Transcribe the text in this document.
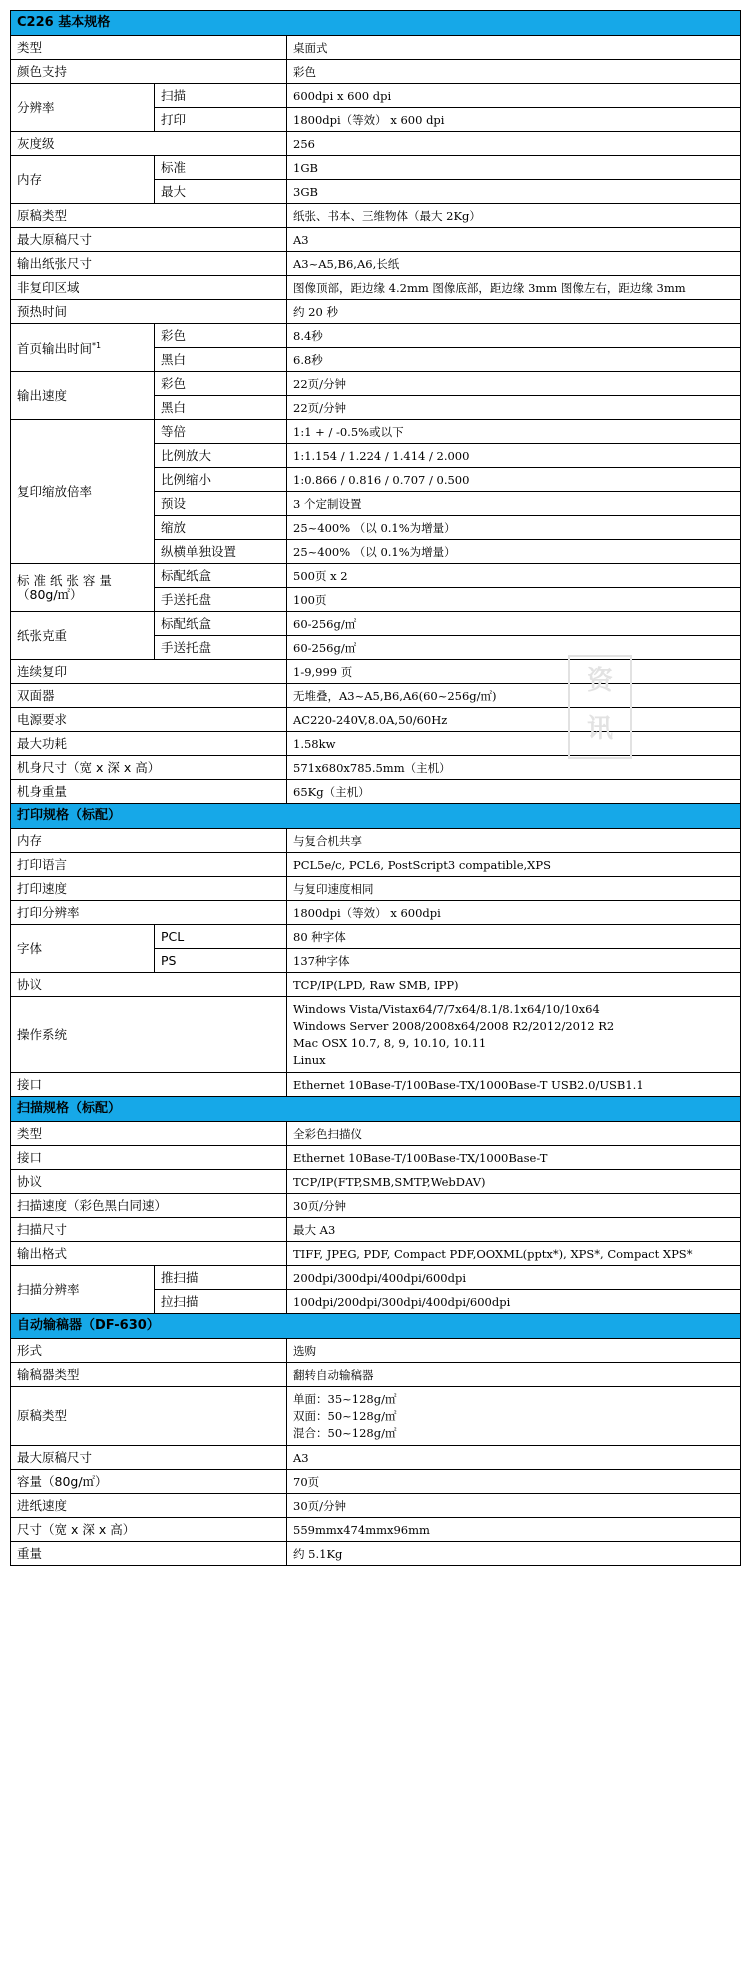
C226 基本规格		
类型		桌面式
颜色支持		彩色
分辨率	扫描	600dpi x 600 dpi
	打印	1800dpi（等效） x 600 dpi
灰度级		256
内存	标准	1GB
	最大	3GB
原稿类型		纸张、书本、三维物体（最大 2Kg）
最大原稿尺寸		A3
输出纸张尺寸		A3~A5,B6,A6,长纸
非复印区域		图像顶部，距边缘 4.2mm 图像底部，距边缘 3mm 图像左右，距边缘 3mm
预热时间		约 20 秒
首页输出时间$^{*1}$	彩色	8.4秒
	黑白	6.8秒
输出速度	彩色	22页/分钟
	黑白	22页/分钟
复印缩放倍率	等倍	1:1 + / -0.5%或以下
	比例放大	1:1.154 / 1.224 / 1.414 / 2.000
	比例缩小	1:0.866 / 0.816 / 0.707 / 0.500
	预设	3 个定制设置
	缩放	25~400% （以 0.1%为增量）
	纵横单独设置	25~400% （以 0.1%为增量）
标 准 纸 张 容 量（80g/㎡）	标配纸盒	500页 x 2
	手送托盘	100页
纸张克重	标配纸盒	60-256g/㎡
	手送托盘	60-256g/㎡
连续复印		1-9,999 页
双面器		无堆叠，A3~A5,B6,A6(60~256g/㎡)
电源要求		AC220-240V,8.0A,50/60Hz
最大功耗		1.58kw
机身尺寸（宽 x 深 x 高）		571x680x785.5mm（主机）
机身重量		65Kg（主机）
打印规格（标配）		
内存		与复合机共享
打印语言		PCL5e/c, PCL6, PostScript3 compatible,XPS
打印速度		与复印速度相同
打印分辨率		1800dpi（等效） x 600dpi
字体	PCL	80 种字体
	PS	137种字体
协议		TCP/IP(LPD, Raw SMB, IPP)
操作系统		Windows Vista/Vistax64/7/7x64/8.1/8.1x64/10/10x64
Windows Server 2008/2008x64/2008 R2/2012/2012 R2
Mac OSX 10.7, 8, 9, 10.10, 10.11
Linux

接口		Ethernet 10Base-T/100Base-TX/1000Base-T USB2.0/USB1.1
扫描规格（标配）		
类型		全彩色扫描仪
接口		Ethernet 10Base-T/100Base-TX/1000Base-T
协议		TCP/IP(FTP,SMB,SMTP,WebDAV)
扫描速度（彩色黑白同速）		30页/分钟
扫描尺寸		最大 A3
输出格式		TIFF, JPEG, PDF, Compact PDF,OOXML(pptx*), XPS*, Compact XPS*
扫描分辨率	推扫描	200dpi/300dpi/400dpi/600dpi
	拉扫描	100dpi/200dpi/300dpi/400dpi/600dpi
自动输稿器（DF-630）		
形式		选购
输稿器类型		翻转自动输稿器
原稿类型		单面：35~128g/㎡
双面：50~128g/㎡
混合：50~128g/㎡

最大原稿尺寸		A3
容量（80g/㎡）		70页
进纸速度		30页/分钟
尺寸（宽 x 深 x 高）		559mmx474mmx96mm
重量		约 5.1Kg
资
讯
